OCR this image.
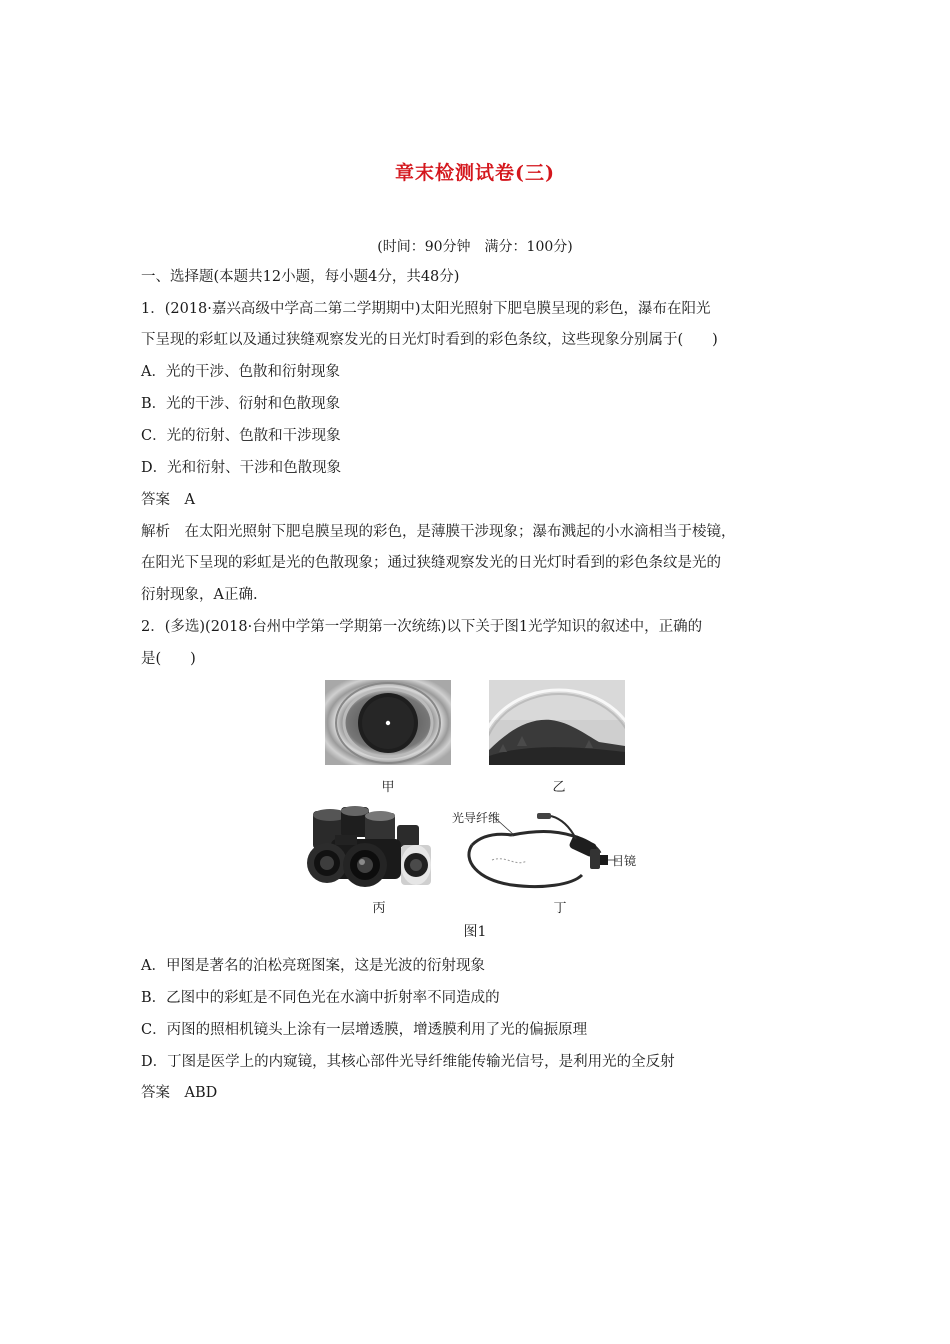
章末检测试卷(三)
(时间：90分钟　满分：100分)
一、选择题(本题共12小题，每小题4分，共48分)
1．(2018·嘉兴高级中学高二第二学期期中)太阳光照射下肥皂膜呈现的彩色，瀑布在阳光
下呈现的彩虹以及通过狭缝观察发光的日光灯时看到的彩色条纹，这些现象分别属于(　　)
A．光的干涉、色散和衍射现象
B．光的干涉、衍射和色散现象
C．光的衍射、色散和干涉现象
D．光和衍射、干涉和色散现象
答案　A
解析　在太阳光照射下肥皂膜呈现的彩色，是薄膜干涉现象；瀑布溅起的小水滴相当于棱镜，
在阳光下呈现的彩虹是光的色散现象；通过狭缝观察发光的日光灯时看到的彩色条纹是光的
衍射现象，A正确.
2．(多选)(2018·台州中学第一学期第一次统练)以下关于图1光学知识的叙述中，正确的
是(　　)
甲	乙
光导纤维
目镜
丙	丁
图1
A．甲图是著名的泊松亮斑图案，这是光波的衍射现象
B．乙图中的彩虹是不同色光在水滴中折射率不同造成的
C．丙图的照相机镜头上涂有一层增透膜，增透膜利用了光的偏振原理
D．丁图是医学上的内窥镜，其核心部件光导纤维能传输光信号，是利用光的全反射
答案　ABD
